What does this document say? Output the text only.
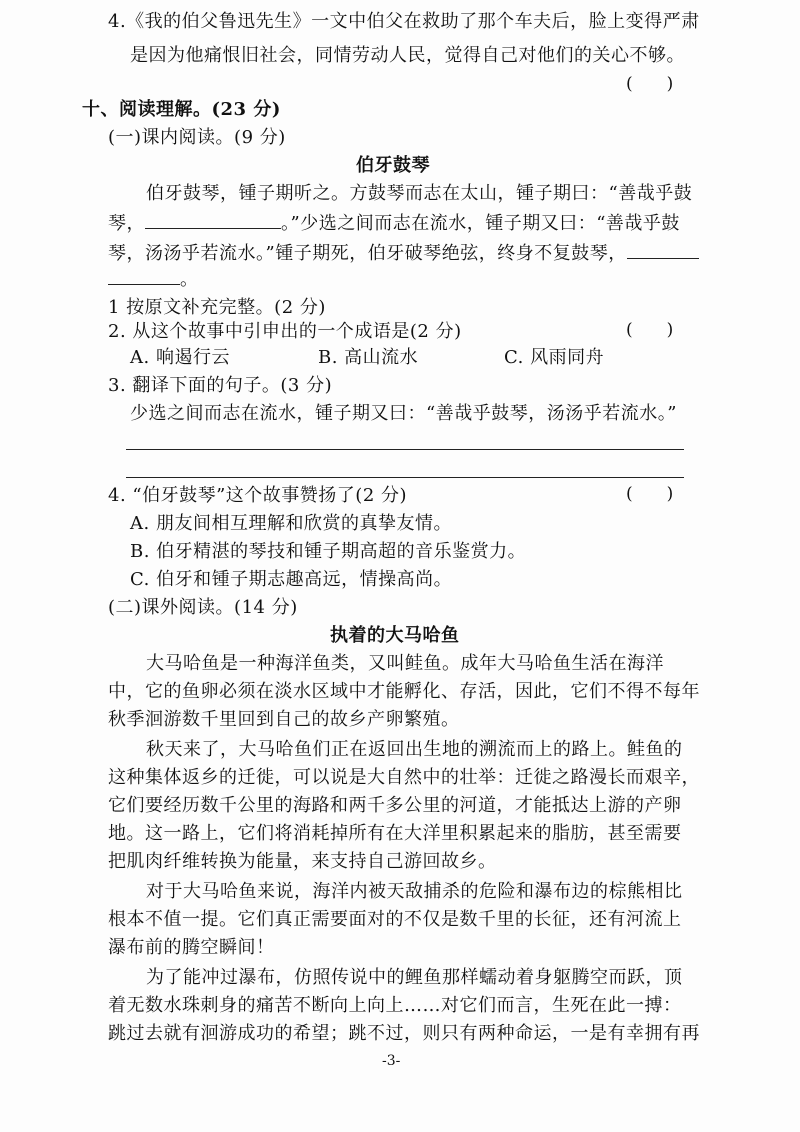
4.《我的伯父鲁迅先生》一文中伯父在救助了那个车夫后，脸上变得严肃
是因为他痛恨旧社会，同情劳动人民，觉得自己对他们的关心不够。
(　　)
十、阅读理解。(23 分)
(一)课内阅读。(9 分)
伯牙鼓琴
伯牙鼓琴，锺子期听之。方鼓琴而志在太山，锺子期曰：“善哉乎鼓
琴，	。”少选之间而志在流水，锺子期又曰：“善哉乎鼓
琴，汤汤乎若流水。”锺子期死，伯牙破琴绝弦，终身不复鼓琴，
。
1 按原文补充完整。(2 分)
2. 从这个故事中引申出的一个成语是(2 分)	(　　)
A. 响遏行云	B. 高山流水	C. 风雨同舟
3. 翻译下面的句子。(3 分)
少选之间而志在流水，锺子期又曰：“善哉乎鼓琴，汤汤乎若流水。”
4. “伯牙鼓琴”这个故事赞扬了(2 分)	(　　)
A. 朋友间相互理解和欣赏的真挚友情。
B. 伯牙精湛的琴技和锺子期高超的音乐鉴赏力。
C. 伯牙和锺子期志趣高远，情操高尚。
(二)课外阅读。(14 分)
执着的大马哈鱼
大马哈鱼是一种海洋鱼类，又叫鲑鱼。成年大马哈鱼生活在海洋
中，它的鱼卵必须在淡水区域中才能孵化、存活，因此，它们不得不每年
秋季洄游数千里回到自己的故乡产卵繁殖。
秋天来了，大马哈鱼们正在返回出生地的溯流而上的路上。鲑鱼的
这种集体返乡的迁徙，可以说是大自然中的壮举：迁徙之路漫长而艰辛，
它们要经历数千公里的海路和两千多公里的河道，才能抵达上游的产卵
地。这一路上，它们将消耗掉所有在大洋里积累起来的脂肪，甚至需要
把肌肉纤维转换为能量，来支持自己游回故乡。
对于大马哈鱼来说，海洋内被天敌捕杀的危险和瀑布边的棕熊相比
根本不值一提。它们真正需要面对的不仅是数千里的长征，还有河流上
瀑布前的腾空瞬间！
为了能冲过瀑布，仿照传说中的鲤鱼那样蠕动着身躯腾空而跃，顶
着无数水珠刺身的痛苦不断向上向上……对它们而言，生死在此一搏：
跳过去就有洄游成功的希望；跳不过，则只有两种命运，一是有幸拥有再
-3-
